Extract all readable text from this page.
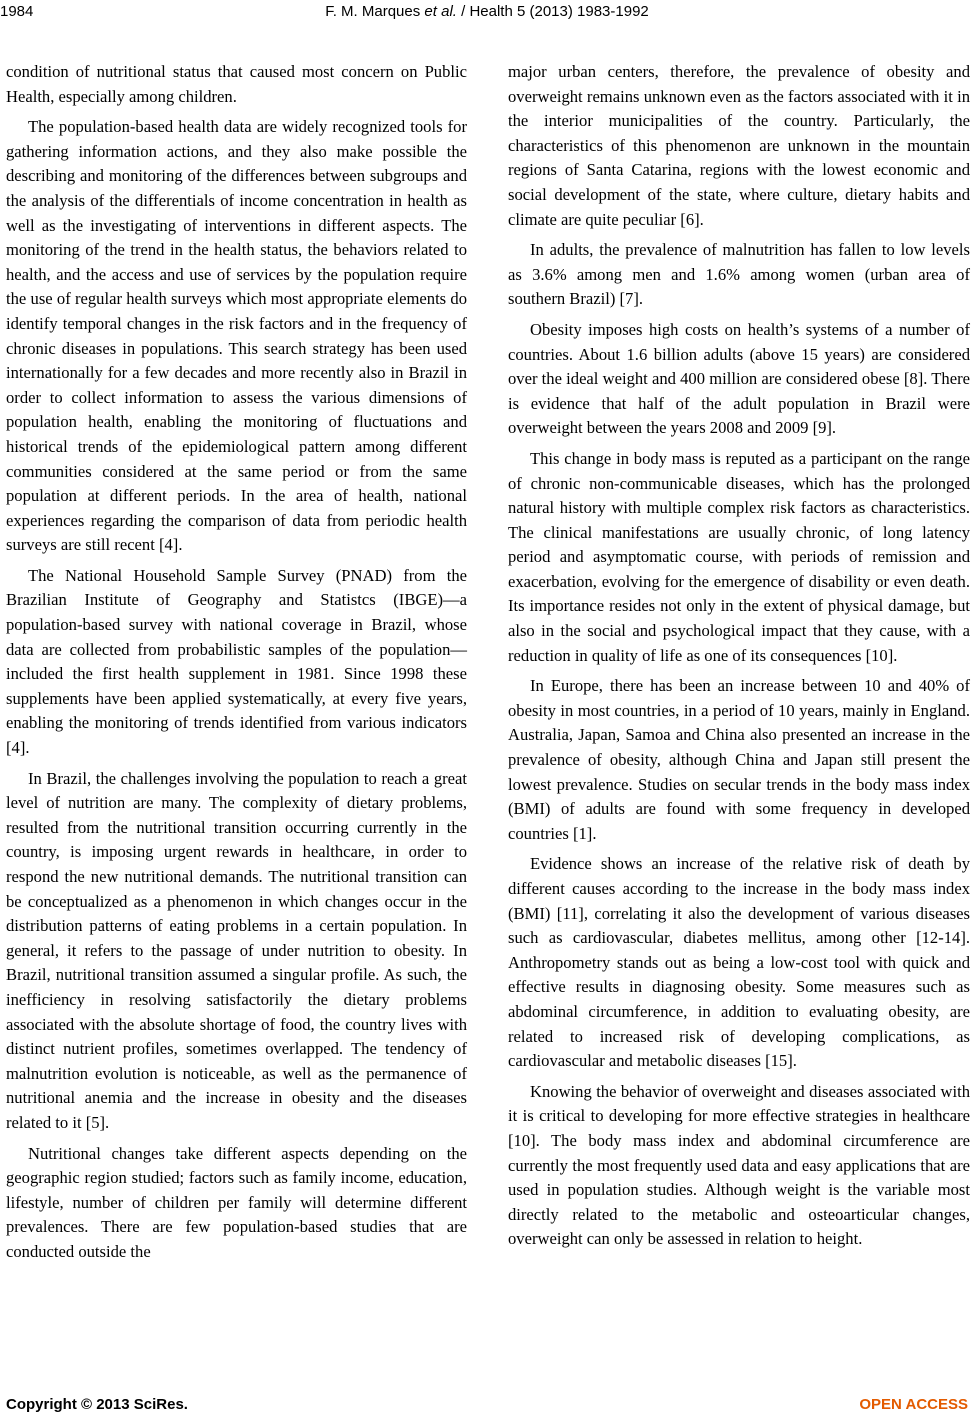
1984	F. M. Marques et al. / Health 5 (2013) 1983-1992

condition of nutritional status that caused most concern on Public Health, especially among children.

The population-based health data are widely recognized tools for gathering information actions, and they also make possible the describing and monitoring of the differences between subgroups and the analysis of the differentials of income concentration in health as well as the investigating of interventions in different aspects. The monitoring of the trend in the health status, the behaviors related to health, and the access and use of services by the population require the use of regular health surveys which most appropriate elements do identify temporal changes in the risk factors and in the frequency of chronic diseases in populations. This search strategy has been used internationally for a few decades and more recently also in Brazil in order to collect information to assess the various dimensions of population health, enabling the monitoring of fluctuations and historical trends of the epidemiological pattern among different communities considered at the same period or from the same population at different periods. In the area of health, national experiences regarding the comparison of data from periodic health surveys are still recent [4].

The National Household Sample Survey (PNAD) from the Brazilian Institute of Geography and Statistcs (IBGE)—a population-based survey with national coverage in Brazil, whose data are collected from probabilistic samples of the population—included the first health supplement in 1981. Since 1998 these supplements have been applied systematically, at every five years, enabling the monitoring of trends identified from various indicators [4].

In Brazil, the challenges involving the population to reach a great level of nutrition are many. The complexity of dietary problems, resulted from the nutritional transition occurring currently in the country, is imposing urgent rewards in healthcare, in order to respond the new nutritional demands. The nutritional transition can be conceptualized as a phenomenon in which changes occur in the distribution patterns of eating problems in a certain population. In general, it refers to the passage of under nutrition to obesity. In Brazil, nutritional transition assumed a singular profile. As such, the inefficiency in resolving satisfactorily the dietary problems associated with the absolute shortage of food, the country lives with distinct nutrient profiles, sometimes overlapped. The tendency of malnutrition evolution is noticeable, as well as the permanence of nutritional anemia and the increase in obesity and the diseases related to it [5].

Nutritional changes take different aspects depending on the geographic region studied; factors such as family income, education, lifestyle, number of children per family will determine different prevalences. There are few population-based studies that are conducted outside the

major urban centers, therefore, the prevalence of obesity and overweight remains unknown even as the factors associated with it in the interior municipalities of the country. Particularly, the characteristics of this phenomenon are unknown in the mountain regions of Santa Catarina, regions with the lowest economic and social development of the state, where culture, dietary habits and climate are quite peculiar [6].

In adults, the prevalence of malnutrition has fallen to low levels as 3.6% among men and 1.6% among women (urban area of southern Brazil) [7].

Obesity imposes high costs on health’s systems of a number of countries. About 1.6 billion adults (above 15 years) are considered over the ideal weight and 400 million are considered obese [8]. There is evidence that half of the adult population in Brazil were overweight between the years 2008 and 2009 [9].

This change in body mass is reputed as a participant on the range of chronic non-communicable diseases, which has the prolonged natural history with multiple complex risk factors as characteristics. The clinical manifestations are usually chronic, of long latency period and asymptomatic course, with periods of remission and exacerbation, evolving for the emergence of disability or even death. Its importance resides not only in the extent of physical damage, but also in the social and psychological impact that they cause, with a reduction in quality of life as one of its consequences [10].

In Europe, there has been an increase between 10 and 40% of obesity in most countries, in a period of 10 years, mainly in England. Australia, Japan, Samoa and China also presented an increase in the prevalence of obesity, although China and Japan still present the lowest prevalence. Studies on secular trends in the body mass index (BMI) of adults are found with some frequency in developed countries [1].

Evidence shows an increase of the relative risk of death by different causes according to the increase in the body mass index (BMI) [11], correlating it also the development of various diseases such as cardiovascular, diabetes mellitus, among other [12-14]. Anthropometry stands out as being a low-cost tool with quick and effective results in diagnosing obesity. Some measures such as abdominal circumference, in addition to evaluating obesity, are related to increased risk of developing complications, as cardiovascular and metabolic diseases [15].

Knowing the behavior of overweight and diseases associated with it is critical to developing for more effective strategies in healthcare [10]. The body mass index and abdominal circumference are currently the most frequently used data and easy applications that are used in population studies. Although weight is the variable most directly related to the metabolic and osteoarticular changes, overweight can only be assessed in relation to height.

Copyright © 2013 SciRes.	OPEN ACCESS
